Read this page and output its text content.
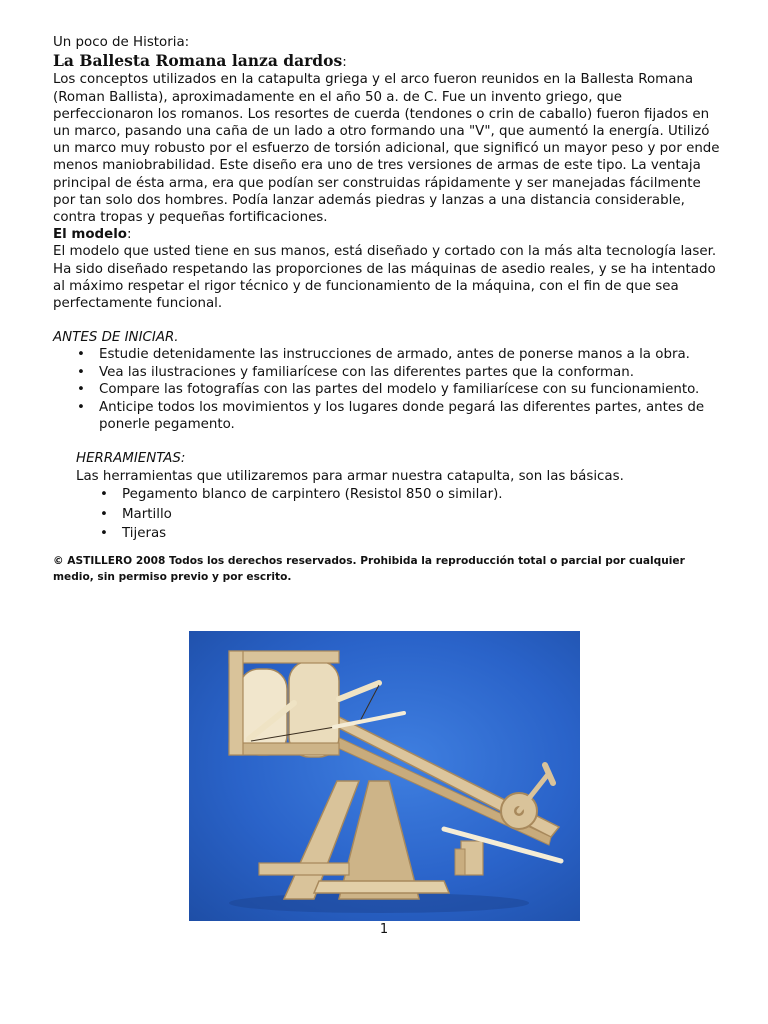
Un poco de Historia:

La Ballesta Romana lanza dardos:

Los conceptos utilizados en la catapulta griega y el arco fueron reunidos en la Ballesta Romana (Roman Ballista), aproximadamente en el año 50 a. de C. Fue un invento griego, que perfeccionaron los romanos. Los resortes de cuerda (tendones o crin de caballo) fueron fijados en un marco, pasando una caña de un lado a otro formando una "V", que aumentó la energía. Utilizó un marco muy robusto por el esfuerzo de torsión adicional, que significó un mayor peso y por ende menos maniobrabilidad. Este diseño era uno de tres versiones de armas de este tipo. La ventaja principal de ésta arma, era que podían ser construidas rápidamente y ser manejadas fácilmente por tan solo dos hombres. Podía lanzar además piedras y lanzas a una distancia considerable, contra tropas y pequeñas fortificaciones.

El modelo:

El modelo que usted tiene en sus manos, está diseñado y cortado con la más alta tecnología laser.

Ha sido diseñado respetando las proporciones de las máquinas de asedio reales, y se ha intentado al máximo respetar el rigor técnico y de funcionamiento de la máquina, con el fin de que sea perfectamente funcional.

ANTES DE INICIAR.

• Estudie detenidamente las instrucciones de armado, antes de ponerse manos a la obra.
• Vea las ilustraciones y familiarícese con las diferentes partes que la conforman.
• Compare las fotografías con las partes del modelo y familiarícese con su funcionamiento.
• Anticipe todos los movimientos y los lugares donde pegará las diferentes partes, antes de ponerle pegamento.

HERRAMIENTAS:

Las herramientas que utilizaremos para armar nuestra catapulta, son las básicas.

• Pegamento blanco de carpintero (Resistol 850 o similar).
• Martillo
• Tijeras

© ASTILLERO 2008 Todos los derechos reservados. Prohibida la reproducción total o parcial por cualquier medio, sin permiso previo y por escrito.

1
